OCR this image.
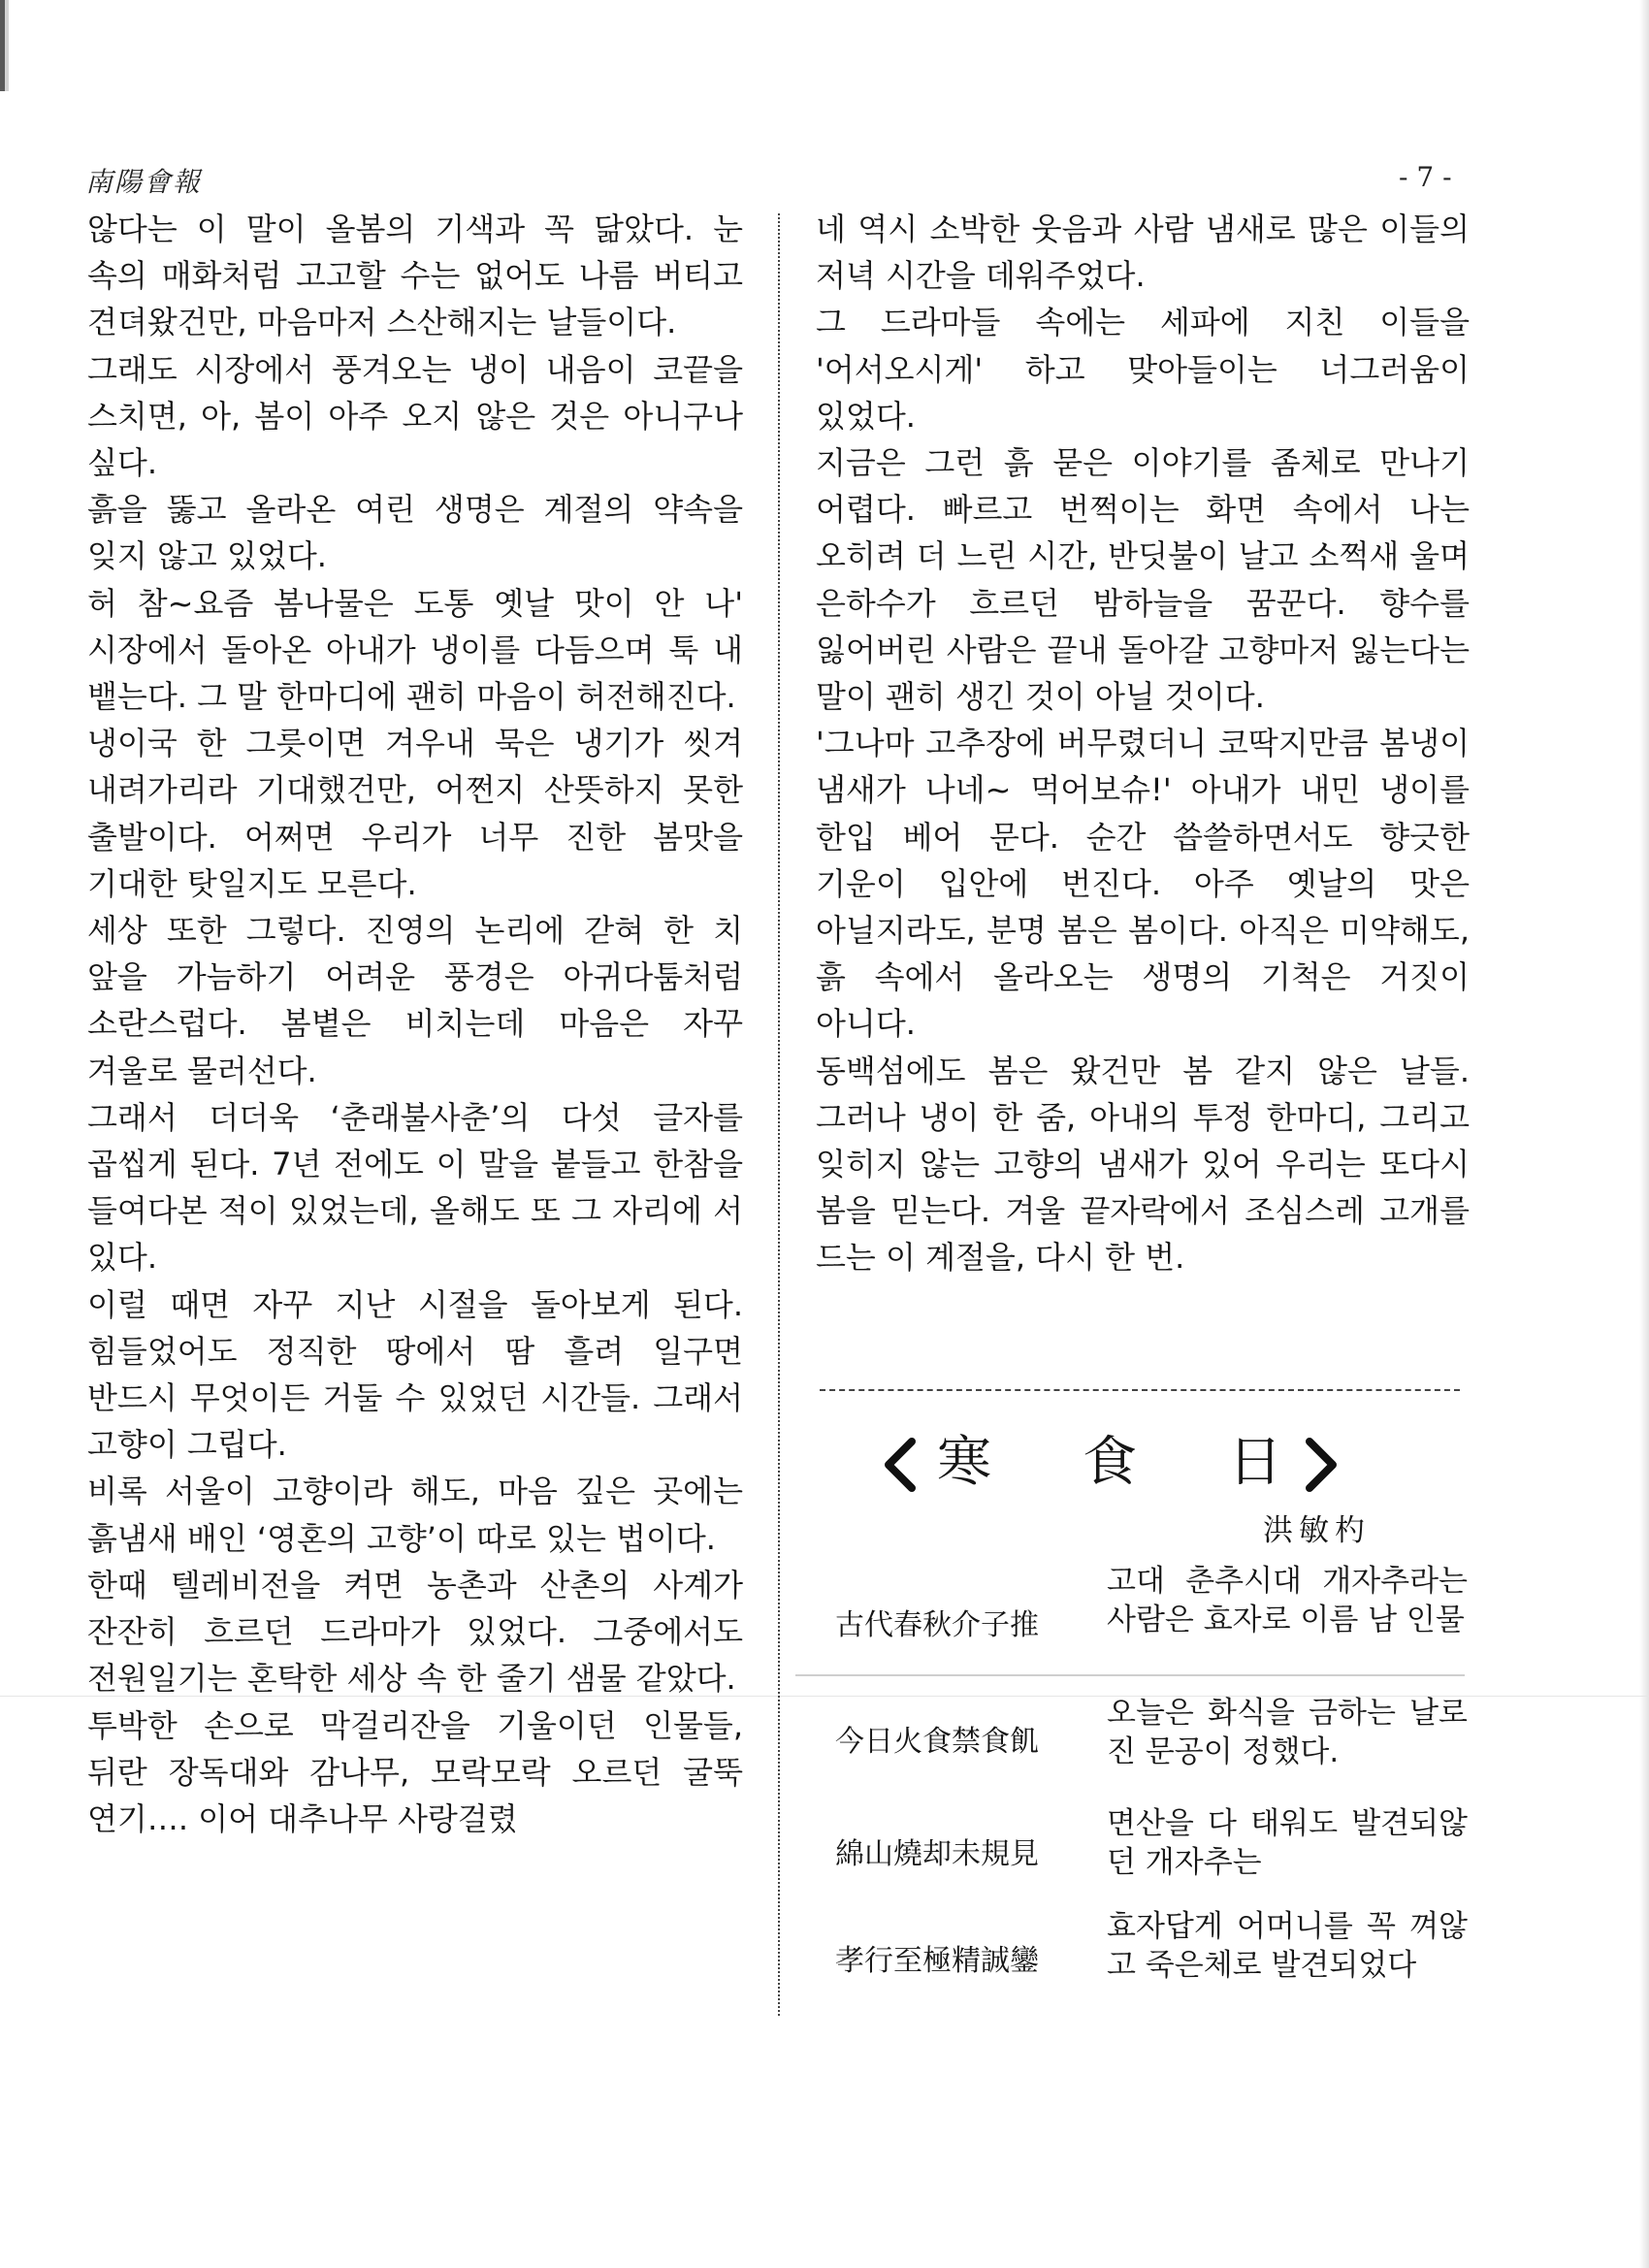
南陽會報	- 7 -

않다는 이 말이 올봄의 기색과 꼭 닮았다. 눈 속의 매화처럼 고고할 수는 없어도 나름 버티고 견뎌왔건만, 마음마저 스산해지는 날들이다.

그래도 시장에서 풍겨오는 냉이 내음이 코끝을 스치면, 아, 봄이 아주 오지 않은 것은 아니구나 싶다.

흙을 뚫고 올라온 여린 생명은 계절의 약속을 잊지 않고 있었다.

허 참~요즘 봄나물은 도통 옛날 맛이 안 나' 시장에서 돌아온 아내가 냉이를 다듬으며 툭 내 뱉는다. 그 말 한마디에 괜히 마음이 허전해진다.

냉이국 한 그릇이면 겨우내 묵은 냉기가 씻겨 내려가리라 기대했건만, 어쩐지 산뜻하지 못한 출발이다. 어쩌면 우리가 너무 진한 봄맛을 기대한 탓일지도 모른다.

세상 또한 그렇다. 진영의 논리에 갇혀 한 치 앞을 가늠하기 어려운 풍경은 아귀다툼처럼 소란스럽다. 봄볕은 비치는데 마음은 자꾸 겨울로 물러선다.

그래서 더더욱 ‘춘래불사춘’의 다섯 글자를 곱씹게 된다. 7년 전에도 이 말을 붙들고 한참을 들여다본 적이 있었는데, 올해도 또 그 자리에 서 있다.

이럴 때면 자꾸 지난 시절을 돌아보게 된다. 힘들었어도 정직한 땅에서 땀 흘려 일구면 반드시 무엇이든 거둘 수 있었던 시간들. 그래서 고향이 그립다.

비록 서울이 고향이라 해도, 마음 깊은 곳에는 흙냄새 배인 ‘영혼의 고향’이 따로 있는 법이다.

한때 텔레비전을 켜면 농촌과 산촌의 사계가 잔잔히 흐르던 드라마가 있었다. 그중에서도 전원일기는 혼탁한 세상 속 한 줄기 샘물 같았다.

투박한 손으로 막걸리잔을 기울이던 인물들, 뒤란 장독대와 감나무, 모락모락 오르던 굴뚝 연기…. 이어 대추나무 사랑걸렸

네 역시 소박한 웃음과 사람 냄새로 많은 이들의 저녁 시간을 데워주었다.

그 드라마들 속에는 세파에 지친 이들을 '어서오시게' 하고 맞아들이는 너그러움이 있었다.

지금은 그런 흙 묻은 이야기를 좀체로 만나기 어렵다. 빠르고 번쩍이는 화면 속에서 나는 오히려 더 느린 시간, 반딧불이 날고 소쩍새 울며 은하수가 흐르던 밤하늘을 꿈꾼다. 향수를 잃어버린 사람은 끝내 돌아갈 고향마저 잃는다는 말이 괜히 생긴 것이 아닐 것이다.

'그나마 고추장에 버무렸더니 코딱지만큼 봄냉이 냄새가 나네~ 먹어보슈!' 아내가 내민 냉이를 한입 베어 문다. 순간 씁쓸하면서도 향긋한 기운이 입안에 번진다. 아주 옛날의 맛은 아닐지라도, 분명 봄은 봄이다. 아직은 미약해도, 흙 속에서 올라오는 생명의 기척은 거짓이 아니다.

동백섬에도 봄은 왔건만 봄 같지 않은 날들. 그러나 냉이 한 줌, 아내의 투정 한마디, 그리고 잊히지 않는 고향의 냄새가 있어 우리는 또다시 봄을 믿는다. 겨울 끝자락에서 조심스레 고개를 드는 이 계절을, 다시 한 번.

寒 食 日
洪敏杓
古代春秋介子推
고대 춘추시대 개자추라는 사람은 효자로 이름 남 인물
今日火食禁食飢
오늘은 화식을 금하는 날로 진 문공이 정했다.
綿山燒却未規見
면산을 다 태워도 발견되않던 개자추는
孝行至極精誠鑾
효자답게 어머니를 꼭 껴않고 죽은체로 발견되었다
